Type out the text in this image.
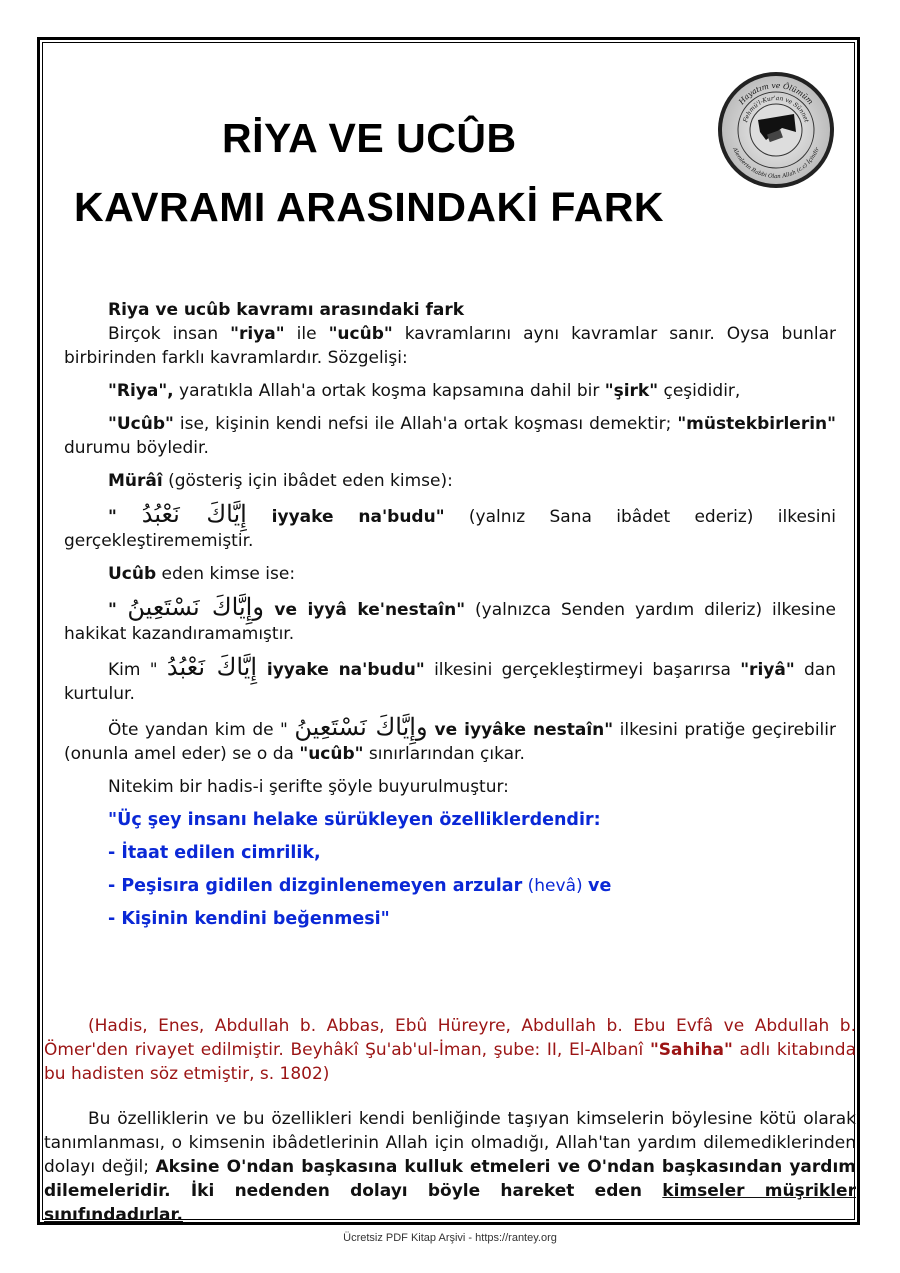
RİYA VE UCÛB
KAVRAMI ARASINDAKİ FARK
Hayatım ve Ölümüm
Fehmü'l-Kur'an ve Sünnet
Alemlerin Rabbi Olan Allah (c.c) İçindir

Riya ve ucûb kavramı arasındaki fark

Birçok insan "riya" ile "ucûb" kavramlarını aynı kavramlar sanır. Oysa bunlar birbirinden farklı kavramlardır. Sözgelişi:

"Riya", yaratıkla Allah'a ortak koşma kapsamına dahil bir "şirk" çeşididir,

"Ucûb" ise, kişinin kendi nefsi ile Allah'a ortak koşması demektir; "müstekbirlerin" durumu böyledir.

Mürâî (gösteriş için ibâdet eden kimse):

" إِيَّاكَ نَعْبُدُ iyyake na'budu" (yalnız Sana ibâdet ederiz) ilkesini gerçekleştirememiştir.

Ucûb eden kimse ise:

" وإِيَّاكَ نَسْتَعِينُ ve iyyâ ke'nestaîn" (yalnızca Senden yardım dileriz) ilkesine hakikat kazandıramamıştır.

Kim " إِيَّاكَ نَعْبُدُ iyyake na'budu" ilkesini gerçekleştirmeyi başarırsa "riyâ" dan kurtulur.

Öte yandan kim de " وإِيَّاكَ نَسْتَعِينُ ve iyyâke nestaîn" ilkesini pratiğe geçirebilir (onunla amel eder) se o da "ucûb" sınırlarından çıkar.

Nitekim bir hadis-i şerifte şöyle buyurulmuştur:

"Üç şey insanı helake sürükleyen özelliklerdendir:

- İtaat edilen cimrilik,

- Peşisıra gidilen dizginlenemeyen arzular (hevâ) ve

- Kişinin kendini beğenmesi"

(Hadis, Enes, Abdullah b. Abbas, Ebû Hüreyre, Abdullah b. Ebu Evfâ ve Abdullah b. Ömer'den rivayet edilmiştir. Beyhâkî Şu'ab'ul-İman, şube: II, El-Albanî "Sahiha" adlı kitabında bu hadisten söz etmiştir, s. 1802)

Bu özelliklerin ve bu özellikleri kendi benliğinde taşıyan kimselerin böylesine kötü olarak tanımlanması, o kimsenin ibâdetlerinin Allah için olmadığı, Allah'tan yardım dilemediklerinden dolayı değil; Aksine O'ndan başkasına kulluk etmeleri ve O'ndan başkasından yardım dilemeleridir. İki nedenden dolayı böyle hareket eden kimseler müşrikler sınıfındadırlar.

Ücretsiz PDF Kitap Arşivi - https://rantey.org
